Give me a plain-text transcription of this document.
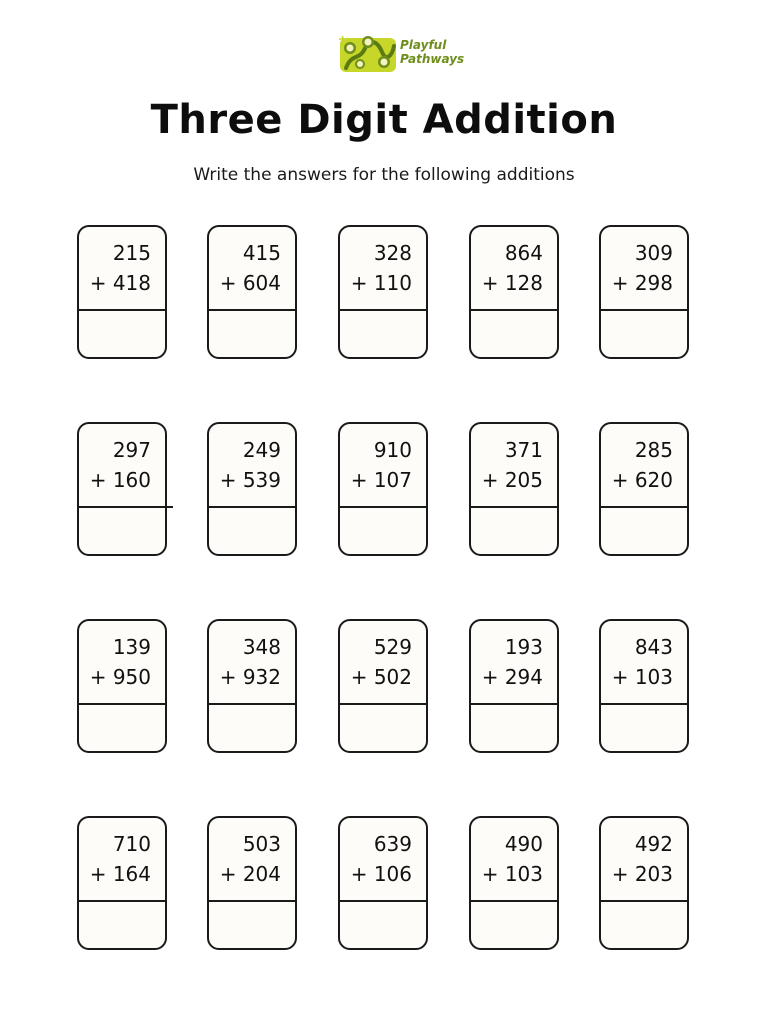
Playful
Pathways
Three Digit Addition
Write the answers for the following additions
215
+ 418
415
+ 604
328
+ 110
864
+ 128
309
+ 298
297
+ 160
249
+ 539
910
+ 107
371
+ 205
285
+ 620
139
+ 950
348
+ 932
529
+ 502
193
+ 294
843
+ 103
710
+ 164
503
+ 204
639
+ 106
490
+ 103
492
+ 203
